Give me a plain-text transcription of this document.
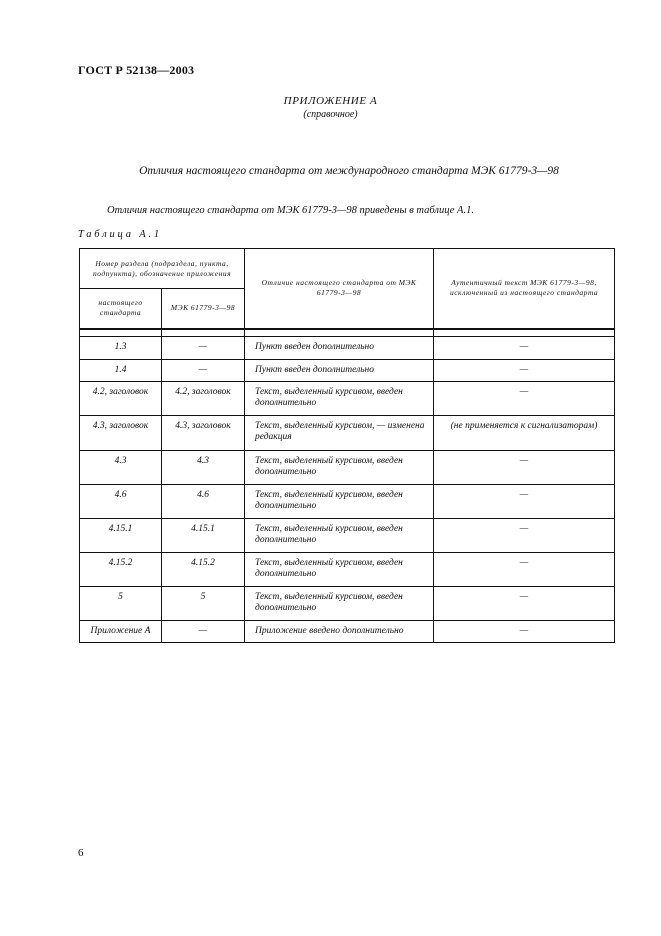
ГОСТ Р 52138—2003
ПРИЛОЖЕНИЕ А
(справочное)
Отличия настоящего стандарта от международного стандарта МЭК 61779-3—98
Отличия настоящего стандарта от МЭК 61779-3—98 приведены в таблице А.1.
Таблица А.1
Номер раздела (подраздела, пункта, подпункта), обозначение приложения		Отличие настоящего стандарта от МЭК 61779-3—98	Аутентичный текст МЭК 61779-3—98, исключенный из настоящего стандарта
настоящего стандарта	МЭК 61779-3—98		

1.3	—	Пункт введен дополнительно	—
1.4	—	Пункт введен дополнительно	—
4.2, заголовок	4.2, заголовок	Текст, выделенный курсивом, введен дополнительно	—
4.3, заголовок	4.3, заголовок	Текст, выделенный курсивом, — изменена редакция	(не применяется к сигнализаторам)
4.3	4.3	Текст, выделенный курсивом, введен дополнительно	—
4.6	4.6	Текст, выделенный курсивом, введен дополнительно	—
4.15.1	4.15.1	Текст, выделенный курсивом, введен дополнительно	—
4.15.2	4.15.2	Текст, выделенный курсивом, введен дополнительно	—
5	5	Текст, выделенный курсивом, введен дополнительно	—
Приложение А	—	Приложение введено дополнительно	—
6
